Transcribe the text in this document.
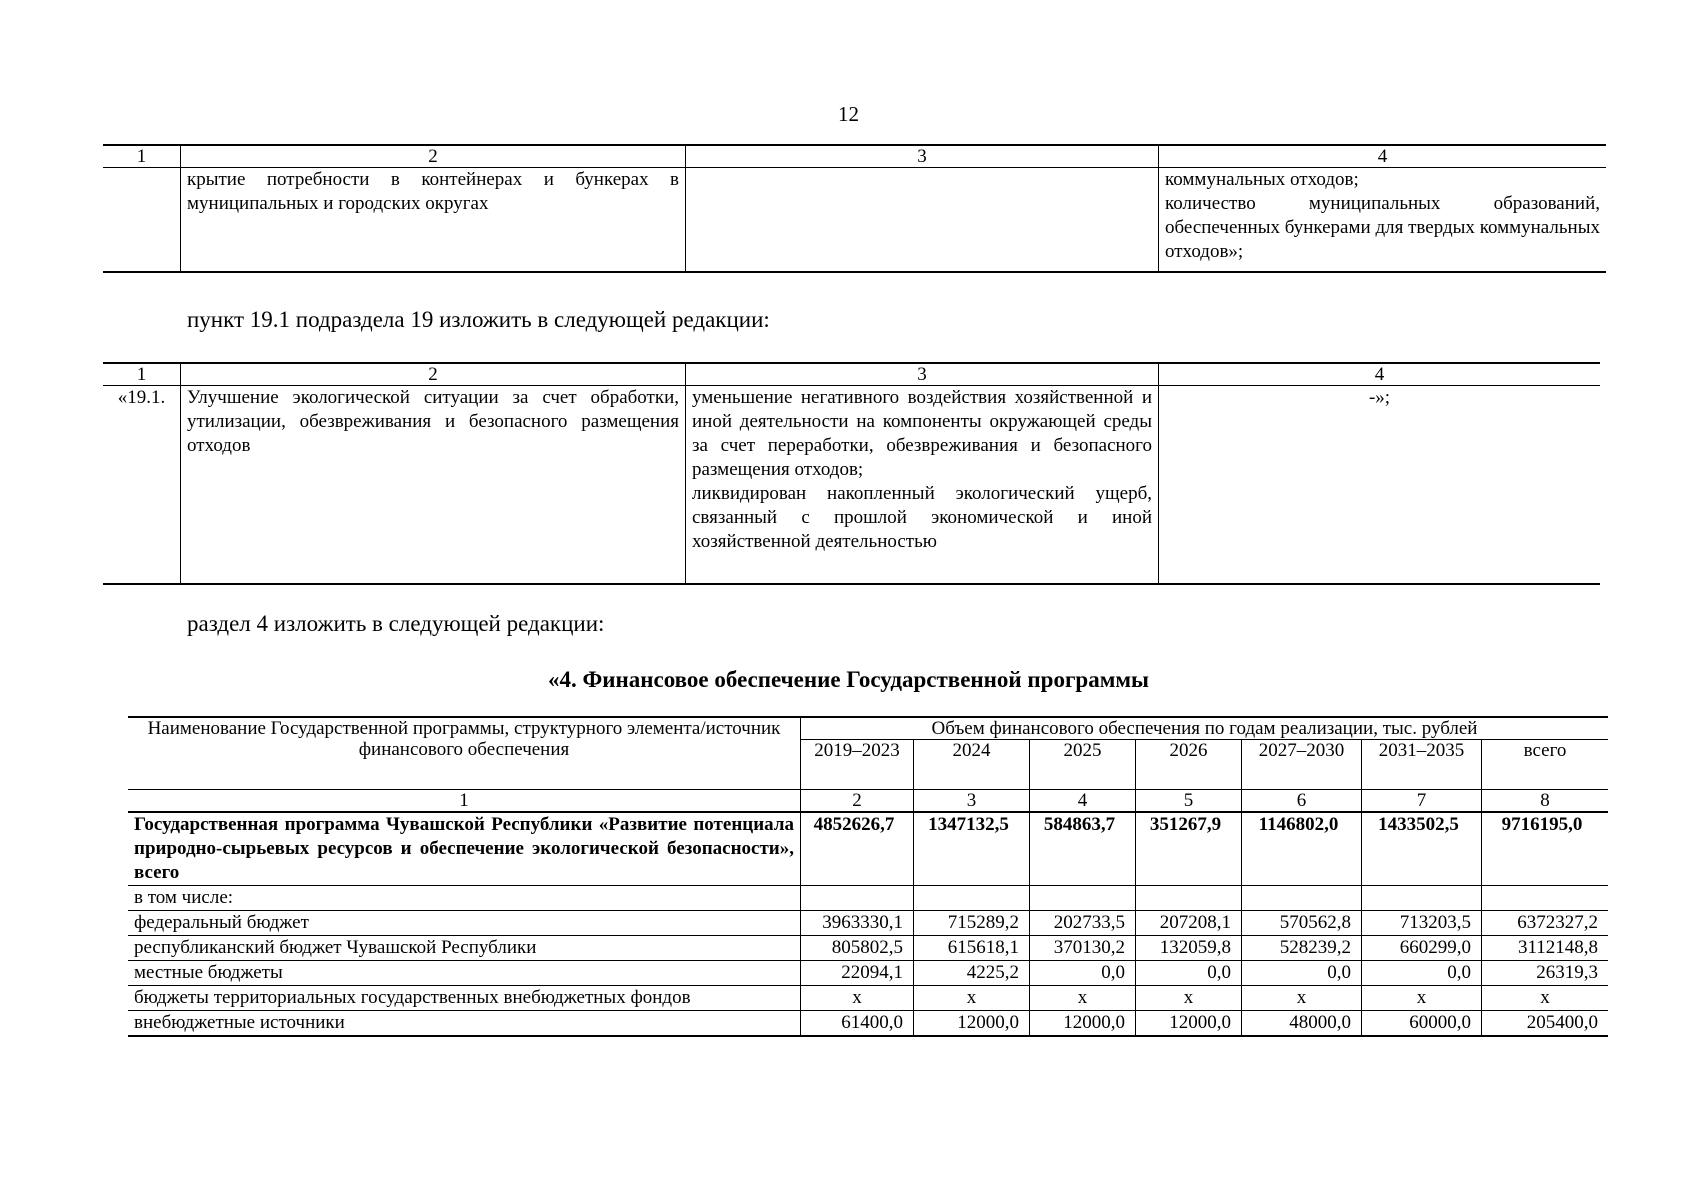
12
1	2	3	4
	крытие потребности в контейнерах и бункерах в муниципальных и городских округах		коммунальных отходов;
количество муниципальных образований, обеспеченных бункерами для твердых коммунальных отходов»;
пункт 19.1 подраздела 19 изложить в следующей редакции:
1	2	3	4
«19.1.	Улучшение экологической ситуации за счет обработки, утилизации, обезвреживания и безопасного размещения отходов	уменьшение негативного воздействия хозяйственной и иной деятельности на компоненты окружающей среды за счет переработки, обезвреживания и безопасного размещения отходов;
ликвидирован накопленный экологический ущерб, связанный с прошлой экономической и иной хозяйственной деятельностью	-»;
раздел 4 изложить в следующей редакции:
«4. Финансовое обеспечение Государственной программы
Наименование Государственной программы, структурного элемента/источник финансового обеспечения	Объем финансового обеспечения по годам реализации, тыс. рублей						
	2019–2023	2024	2025	2026	2027–2030	2031–2035	всего
1	2	3	4	5	6	7	8
Государственная программа Чувашской Республики «Развитие потенциала природно-сырьевых ресурсов и обеспечение экологической безопасности», всего	4852626,7	1347132,5	584863,7	351267,9	1146802,0	1433502,5	9716195,0
в том числе:							
федеральный бюджет	3963330,1	715289,2	202733,5	207208,1	570562,8	713203,5	6372327,2
республиканский бюджет Чувашской Республики	805802,5	615618,1	370130,2	132059,8	528239,2	660299,0	3112148,8
местные бюджеты	22094,1	4225,2	0,0	0,0	0,0	0,0	26319,3
бюджеты территориальных государственных внебюджетных фондов	х	х	х	х	х	х	х
внебюджетные источники	61400,0	12000,0	12000,0	12000,0	48000,0	60000,0	205400,0
